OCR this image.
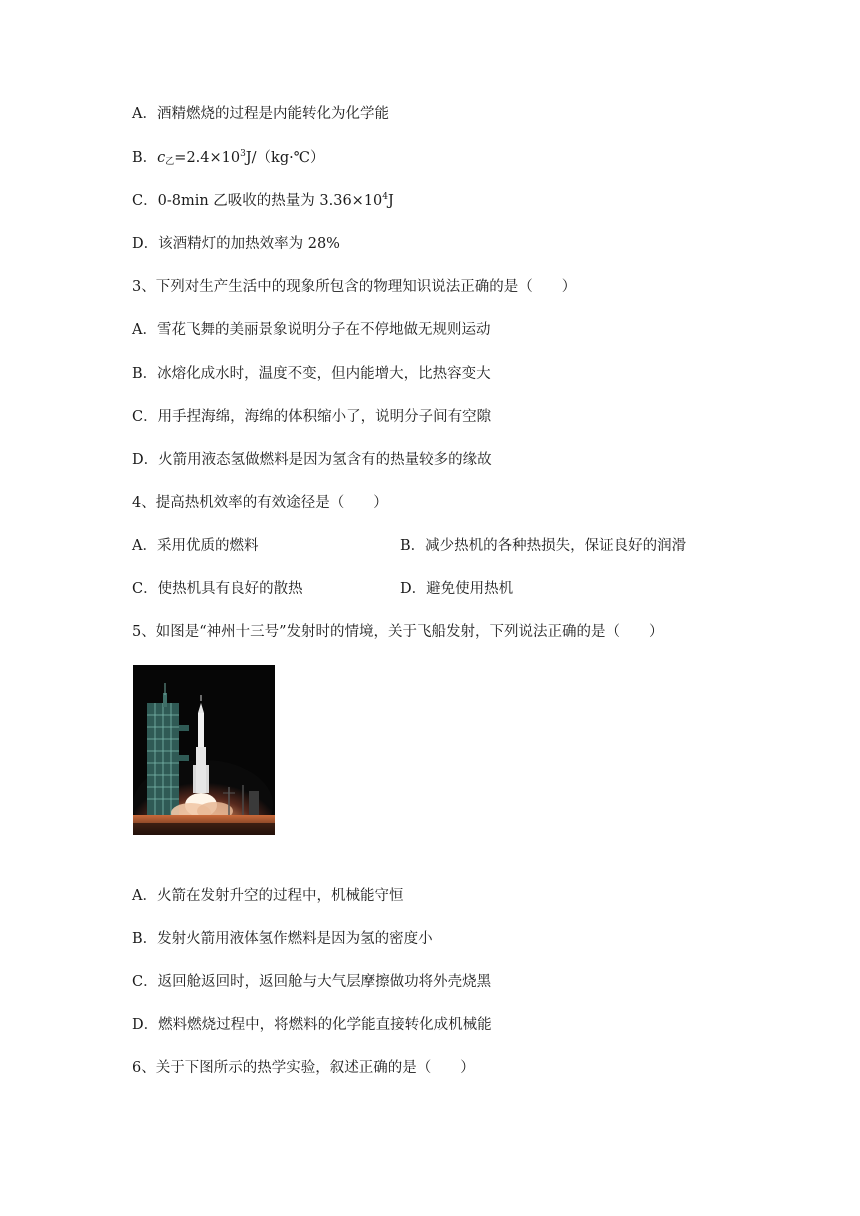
A．酒精燃烧的过程是内能转化为化学能
B．$c_乙=2.4\times 10^3J/(kg\cdot℃)$
C．0-8min 乙吸收的热量为 $3.36\times 10^4J$
D．该酒精灯的加热效率为 28%
3、下列对生产生活中的现象所包含的物理知识说法正确的是（　　）
A．雪花飞舞的美丽景象说明分子在不停地做无规则运动
B．冰熔化成水时，温度不变，但内能增大，比热容变大
C．用手捏海绵，海绵的体积缩小了，说明分子间有空隙
D．火箭用液态氢做燃料是因为氢含有的热量较多的缘故
4、提高热机效率的有效途径是（　　）
A．采用优质的燃料	B．减少热机的各种热损失，保证良好的润滑
C．使热机具有良好的散热	D．避免使用热机
5、如图是“神州十三号”发射时的情境，关于飞船发射，下列说法正确的是（　　）
A．火箭在发射升空的过程中，机械能守恒
B．发射火箭用液体氢作燃料是因为氢的密度小
C．返回舱返回时，返回舱与大气层摩擦做功将外壳烧黑
D．燃料燃烧过程中，将燃料的化学能直接转化成机械能
6、关于下图所示的热学实验，叙述正确的是（　　）
